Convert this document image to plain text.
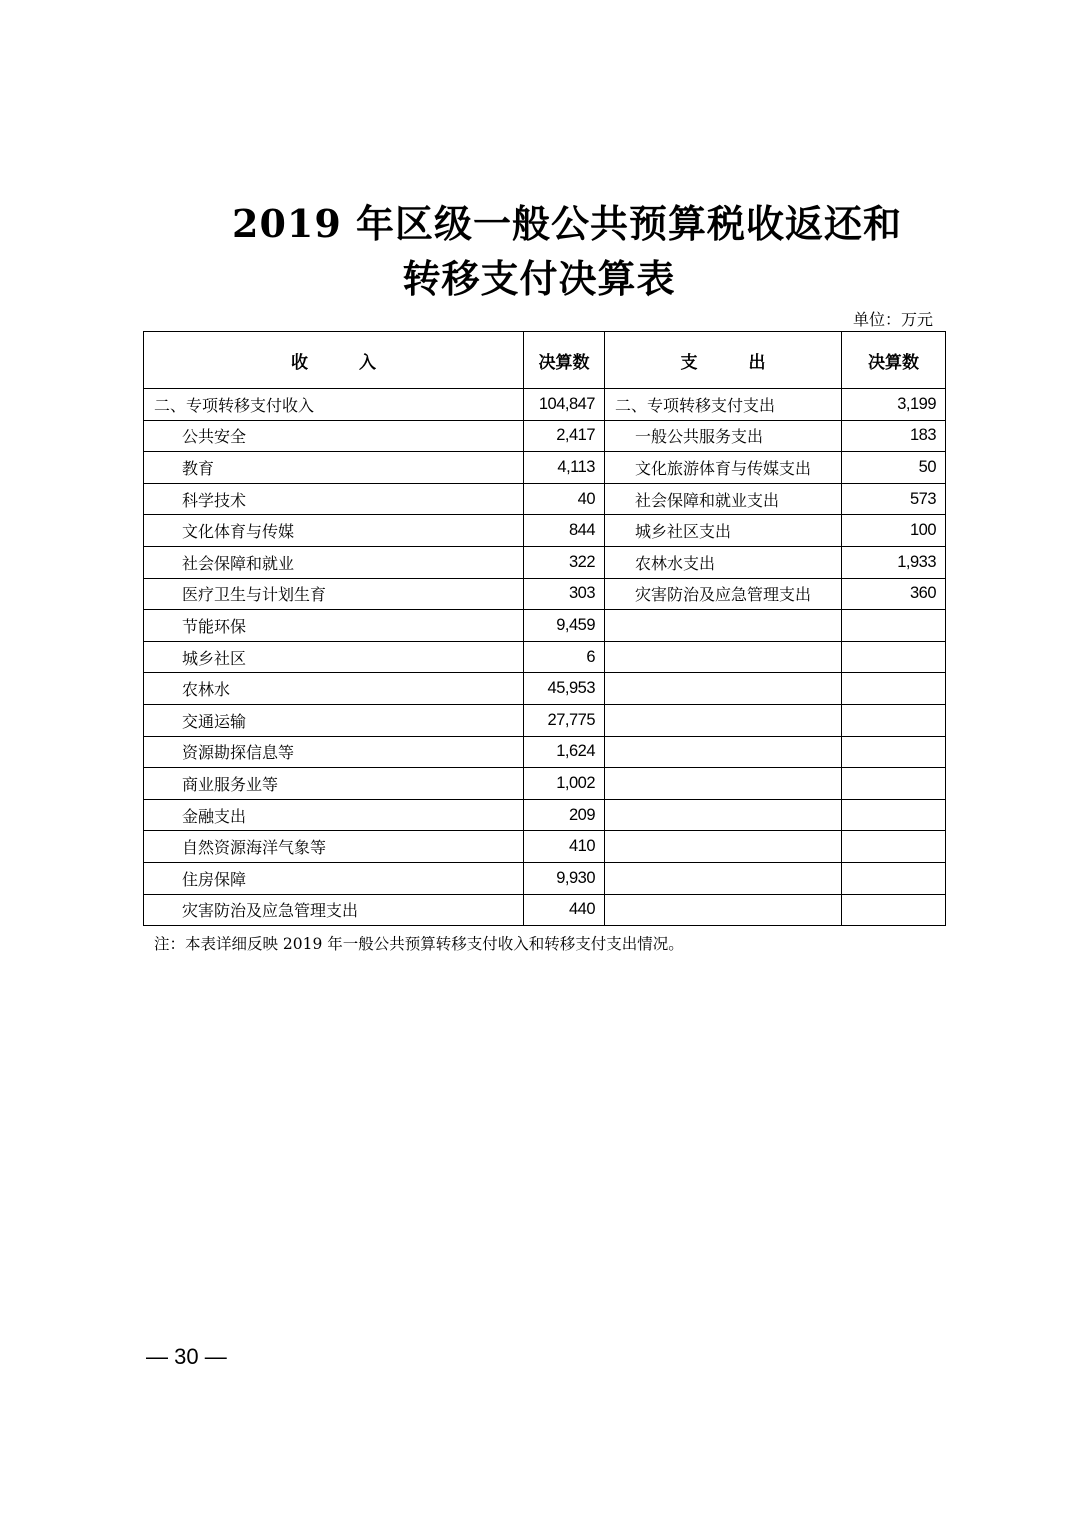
2019 年区级一般公共预算税收返还和
转移支付决算表
单位：万元
收　　　入	决算数	支　　　出	决算数
二、专项转移支付收入	104,847	二、专项转移支付支出	3,199
公共安全	2,417	一般公共服务支出	183
教育	4,113	文化旅游体育与传媒支出	50
科学技术	40	社会保障和就业支出	573
文化体育与传媒	844	城乡社区支出	100
社会保障和就业	322	农林水支出	1,933
医疗卫生与计划生育	303	灾害防治及应急管理支出	360
节能环保	9,459		
城乡社区	6		
农林水	45,953		
交通运输	27,775		
资源勘探信息等	1,624		
商业服务业等	1,002		
金融支出	209		
自然资源海洋气象等	410		
住房保障	9,930		
灾害防治及应急管理支出	440		
注：本表详细反映 2019 年一般公共预算转移支付收入和转移支付支出情况。
— 30 —
